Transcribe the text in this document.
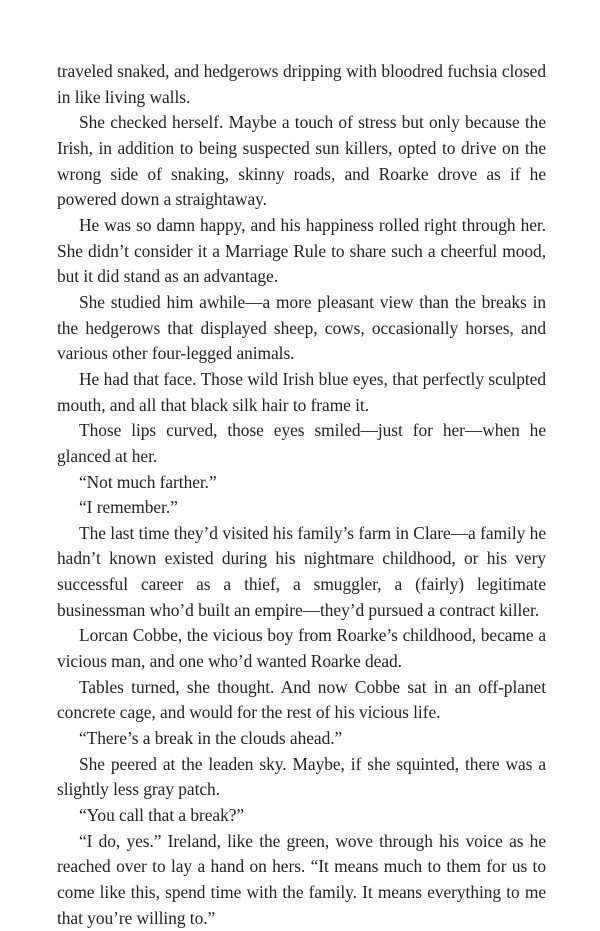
traveled snaked, and hedgerows dripping with bloodred fuchsia closed in like living walls.

She checked herself. Maybe a touch of stress but only because the Irish, in addition to being suspected sun killers, opted to drive on the wrong side of snaking, skinny roads, and Roarke drove as if he powered down a straightaway.

He was so damn happy, and his happiness rolled right through her. She didn’t consider it a Marriage Rule to share such a cheerful mood, but it did stand as an advantage.

She studied him awhile—a more pleasant view than the breaks in the hedgerows that displayed sheep, cows, occasionally horses, and various other four-legged animals.

He had that face. Those wild Irish blue eyes, that perfectly sculpted mouth, and all that black silk hair to frame it.

Those lips curved, those eyes smiled—just for her—when he glanced at her.

“Not much farther.”

“I remember.”

The last time they’d visited his family’s farm in Clare—a family he hadn’t known existed during his nightmare childhood, or his very successful career as a thief, a smuggler, a (fairly) legitimate businessman who’d built an empire—they’d pursued a contract killer.

Lorcan Cobbe, the vicious boy from Roarke’s childhood, became a vicious man, and one who’d wanted Roarke dead.

Tables turned, she thought. And now Cobbe sat in an off-planet concrete cage, and would for the rest of his vicious life.

“There’s a break in the clouds ahead.”

She peered at the leaden sky. Maybe, if she squinted, there was a slightly less gray patch.

“You call that a break?”

“I do, yes.” Ireland, like the green, wove through his voice as he reached over to lay a hand on hers. “It means much to them for us to come like this, spend time with the family. It means everything to me that you’re willing to.”
